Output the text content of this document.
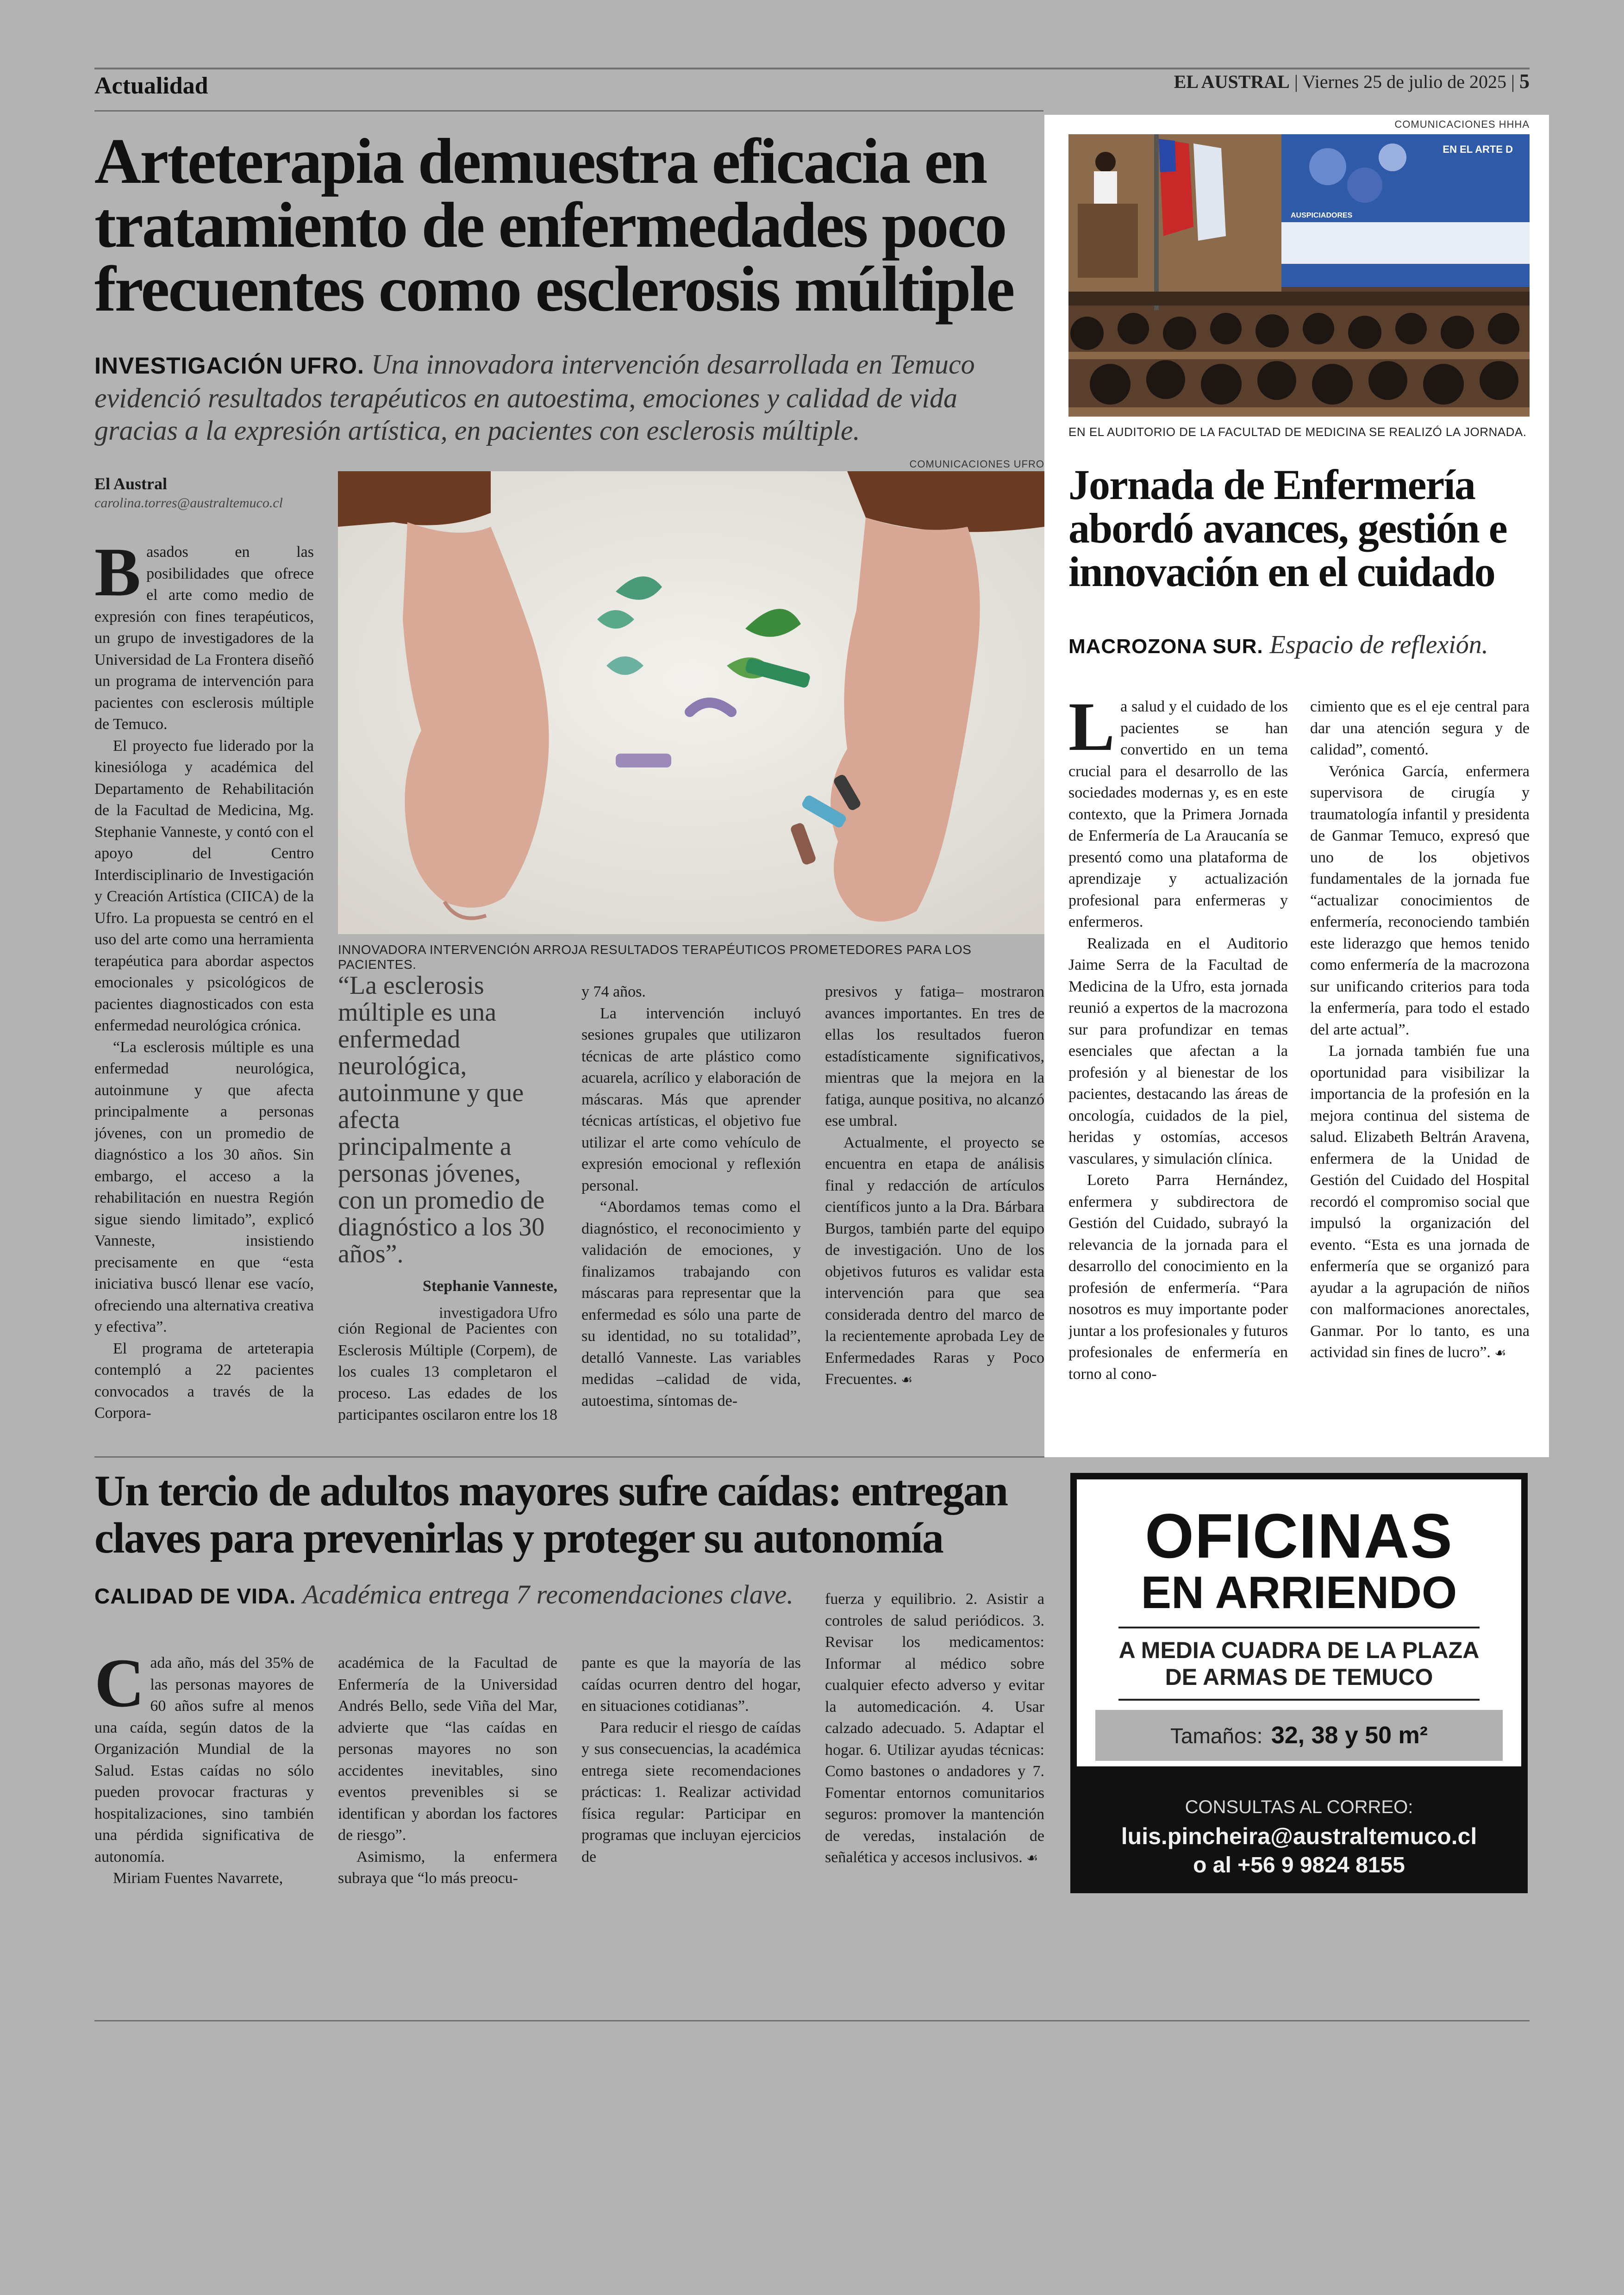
Actualidad	EL AUSTRAL | Viernes 25 de julio de 2025 | 5
Arteterapia demuestra eficacia en tratamiento de enfermedades poco frecuentes como esclerosis múltiple
INVESTIGACIÓN UFRO. Una innovadora intervención desarrollada en Temuco evidenció resultados terapéuticos en autoestima, emociones y calidad de vida gracias a la expresión artística, en pacientes con esclerosis múltiple.
El Austral
carolina.torres@australtemuco.cl
COMUNICACIONES UFRO
INNOVADORA INTERVENCIÓN ARROJA RESULTADOS TERAPÉUTICOS PROMETEDORES PARA LOS PACIENTES.

Basados en las posibilidades que ofrece el arte como medio de expresión con fines terapéuticos, un grupo de investigadores de la Universidad de La Frontera diseñó un programa de intervención para pacientes con esclerosis múltiple de Temuco.

El proyecto fue liderado por la kinesióloga y académica del Departamento de Rehabilitación de la Facultad de Medicina, Mg. Stephanie Vanneste, y contó con el apoyo del Centro Interdisciplinario de Investigación y Creación Artística (CIICA) de la Ufro. La propuesta se centró en el uso del arte como una herramienta terapéutica para abordar aspectos emocionales y psicológicos de pacientes diagnosticados con esta enfermedad neurológica crónica.

“La esclerosis múltiple es una enfermedad neurológica, autoinmune y que afecta principalmente a personas jóvenes, con un promedio de diagnóstico a los 30 años. Sin embargo, el acceso a la rehabilitación en nuestra Región sigue siendo limitado”, explicó Vanneste, insistiendo precisamente en que “esta iniciativa buscó llenar ese vacío, ofreciendo una alternativa creativa y efectiva”.

El programa de arteterapia contempló a 22 pacientes convocados a través de la Corpora-

“La esclerosis múltiple es una enfermedad neurológica, autoinmune y que afecta principalmente a personas jóvenes, con un promedio de diagnóstico a los 30 años”.
Stephanie Vanneste,
investigadora Ufro

ción Regional de Pacientes con Esclerosis Múltiple (Corpem), de los cuales 13 completaron el proceso. Las edades de los participantes oscilaron entre los 18

y 74 años.

La intervención incluyó sesiones grupales que utilizaron técnicas de arte plástico como acuarela, acrílico y elaboración de máscaras. Más que aprender técnicas artísticas, el objetivo fue utilizar el arte como vehículo de expresión emocional y reflexión personal.

“Abordamos temas como el diagnóstico, el reconocimiento y validación de emociones, y finalizamos trabajando con máscaras para representar que la enfermedad es sólo una parte de su identidad, no su totalidad”, detalló Vanneste. Las variables medidas –calidad de vida, autoestima, síntomas de-

presivos y fatiga– mostraron avances importantes. En tres de ellas los resultados fueron estadísticamente significativos, mientras que la mejora en la fatiga, aunque positiva, no alcanzó ese umbral.

Actualmente, el proyecto se encuentra en etapa de análisis final y redacción de artículos científicos junto a la Dra. Bárbara Burgos, también parte del equipo de investigación. Uno de los objetivos futuros es validar esta intervención para que sea considerada dentro del marco de la recientemente aprobada Ley de Enfermedades Raras y Poco Frecuentes. ☙

COMUNICACIONES HHHA
EN EL ARTE D
AUSPICIADORES
EN EL AUDITORIO DE LA FACULTAD DE MEDICINA SE REALIZÓ LA JORNADA.
Jornada de Enfermería abordó avances, gestión e innovación en el cuidado
MACROZONA SUR. Espacio de reflexión.

La salud y el cuidado de los pacientes se han convertido en un tema crucial para el desarrollo de las sociedades modernas y, es en este contexto, que la Primera Jornada de Enfermería de La Araucanía se presentó como una plataforma de aprendizaje y actualización profesional para enfermeras y enfermeros.

Realizada en el Auditorio Jaime Serra de la Facultad de Medicina de la Ufro, esta jornada reunió a expertos de la macrozona sur para profundizar en temas esenciales que afectan a la profesión y al bienestar de los pacientes, destacando las áreas de oncología, cuidados de la piel, heridas y ostomías, accesos vasculares, y simulación clínica.

Loreto Parra Hernández, enfermera y subdirectora de Gestión del Cuidado, subrayó la relevancia de la jornada para el desarrollo del conocimiento en la profesión de enfermería. “Para nosotros es muy importante poder juntar a los profesionales y futuros profesionales de enfermería en torno al cono-

cimiento que es el eje central para dar una atención segura y de calidad”, comentó.

Verónica García, enfermera supervisora de cirugía y traumatología infantil y presidenta de Ganmar Temuco, expresó que uno de los objetivos fundamentales de la jornada fue “actualizar conocimientos de enfermería, reconociendo también este liderazgo que hemos tenido como enfermería de la macrozona sur unificando criterios para toda la enfermería, para todo el estado del arte actual”.

La jornada también fue una oportunidad para visibilizar la importancia de la profesión en la mejora continua del sistema de salud. Elizabeth Beltrán Aravena, enfermera de la Unidad de Gestión del Cuidado del Hospital recordó el compromiso social que impulsó la organización del evento. “Esta es una jornada de enfermería que se organizó para ayudar a la agrupación de niños con malformaciones anorectales, Ganmar. Por lo tanto, es una actividad sin fines de lucro”. ☙

Un tercio de adultos mayores sufre caídas: entregan claves para prevenirlas y proteger su autonomía
CALIDAD DE VIDA. Académica entrega 7 recomendaciones clave.

Cada año, más del 35% de las personas mayores de 60 años sufre al menos una caída, según datos de la Organización Mundial de la Salud. Estas caídas no sólo pueden provocar fracturas y hospitalizaciones, sino también una pérdida significativa de autonomía.

Miriam Fuentes Navarrete,

académica de la Facultad de Enfermería de la Universidad Andrés Bello, sede Viña del Mar, advierte que “las caídas en personas mayores no son accidentes inevitables, sino eventos prevenibles si se identifican y abordan los factores de riesgo”.

Asimismo, la enfermera subraya que “lo más preocu-

pante es que la mayoría de las caídas ocurren dentro del hogar, en situaciones cotidianas”.

Para reducir el riesgo de caídas y sus consecuencias, la académica entrega siete recomendaciones prácticas: 1. Realizar actividad física regular: Participar en programas que incluyan ejercicios de

fuerza y equilibrio. 2. Asistir a controles de salud periódicos. 3. Revisar los medicamentos: Informar al médico sobre cualquier efecto adverso y evitar la automedicación. 4. Usar calzado adecuado. 5. Adaptar el hogar. 6. Utilizar ayudas técnicas: Como bastones o andadores y 7. Fomentar entornos comunitarios seguros: promover la mantención de veredas, instalación de señalética y accesos inclusivos. ☙

OFICINAS
EN ARRIENDO
A MEDIA CUADRA DE LA PLAZA
DE ARMAS DE TEMUCO
Tamaños: 32, 38 y 50 m²
CONSULTAS AL CORREO:
luis.pincheira@australtemuco.cl
o al +56 9 9824 8155
